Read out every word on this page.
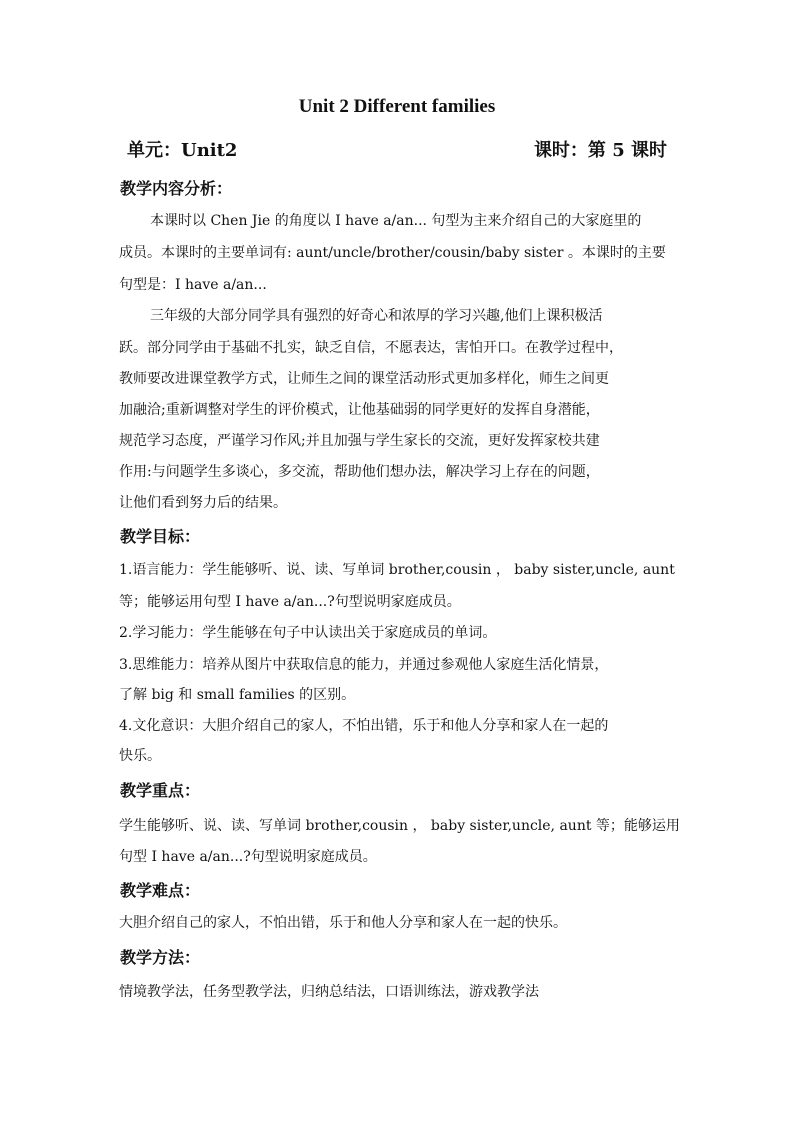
Unit 2 Different families
单元：Unit2	课时：第 5 课时
教学内容分析：
本课时以 Chen Jie 的角度以 I have a/an... 句型为主来介绍自己的大家庭里的
成员。本课时的主要单词有: aunt/uncle/brother/cousin/baby sister 。本课时的主要
句型是：I have a/an...
三年级的大部分同学具有强烈的好奇心和浓厚的学习兴趣,他们上课积极活
跃。部分同学由于基础不扎实，缺乏自信，不愿表达，害怕开口。在教学过程中，
教师要改进课堂教学方式，让师生之间的课堂活动形式更加多样化，师生之间更
加融洽;重新调整对学生的评价模式，让他基础弱的同学更好的发挥自身潜能，
规范学习态度，严谨学习作风;并且加强与学生家长的交流，更好发挥家校共建
作用:与问题学生多谈心，多交流，帮助他们想办法，解决学习上存在的问题，
让他们看到努力后的结果。
教学目标：
1.语言能力：学生能够听、说、读、写单词 brother,cousin ， baby sister,uncle, aunt
等；能够运用句型 I have a/an...?句型说明家庭成员。
2.学习能力：学生能够在句子中认读出关于家庭成员的单词。
3.思维能力：培养从图片中获取信息的能力，并通过参观他人家庭生活化情景，
了解 big 和 small families 的区别。
4.文化意识：大胆介绍自己的家人，不怕出错，乐于和他人分享和家人在一起的
快乐。
教学重点：
学生能够听、说、读、写单词 brother,cousin ， baby sister,uncle, aunt 等；能够运用
句型 I have a/an...?句型说明家庭成员。
教学难点：
大胆介绍自己的家人，不怕出错，乐于和他人分享和家人在一起的快乐。
教学方法：
情境教学法，任务型教学法，归纳总结法，口语训练法，游戏教学法
